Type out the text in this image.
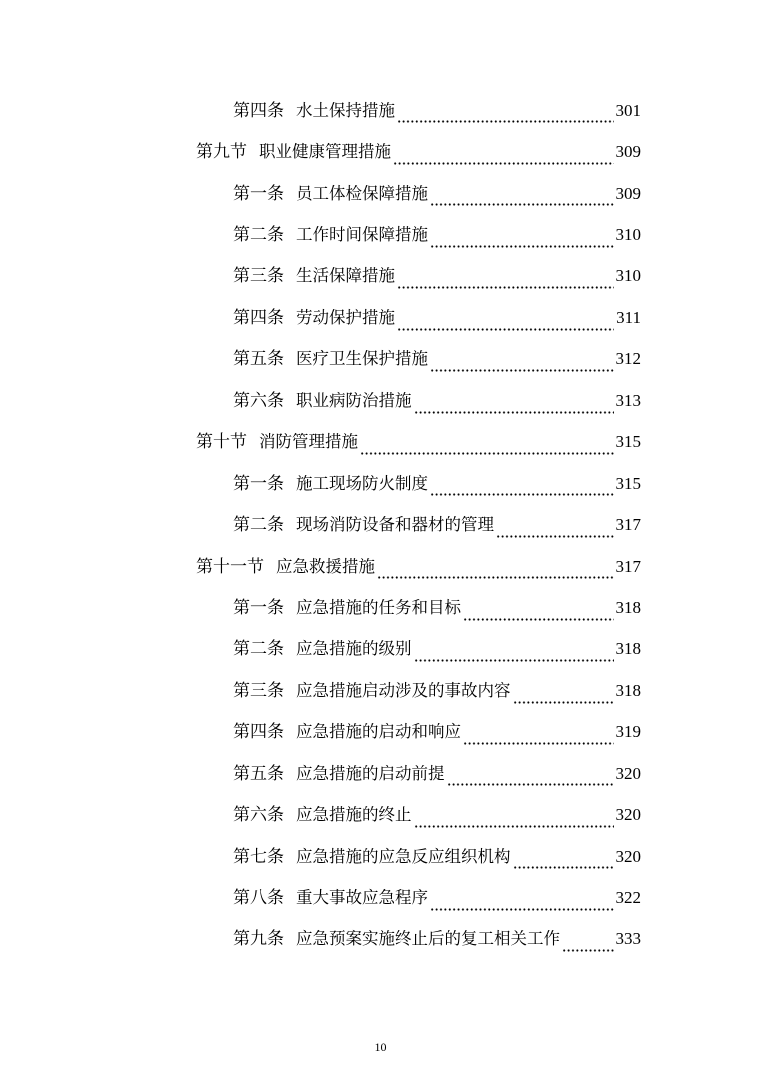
第四条 水土保持措施	301
第九节 职业健康管理措施	309
第一条 员工体检保障措施	309
第二条 工作时间保障措施	310
第三条 生活保障措施	310
第四条 劳动保护措施	311
第五条 医疗卫生保护措施	312
第六条 职业病防治措施	313
第十节 消防管理措施	315
第一条 施工现场防火制度	315
第二条 现场消防设备和器材的管理	317
第十一节 应急救援措施	317
第一条 应急措施的任务和目标	318
第二条 应急措施的级别	318
第三条 应急措施启动涉及的事故内容	318
第四条 应急措施的启动和响应	319
第五条 应急措施的启动前提	320
第六条 应急措施的终止	320
第七条 应急措施的应急反应组织机构	320
第八条 重大事故应急程序	322
第九条 应急预案实施终止后的复工相关工作	333
10
